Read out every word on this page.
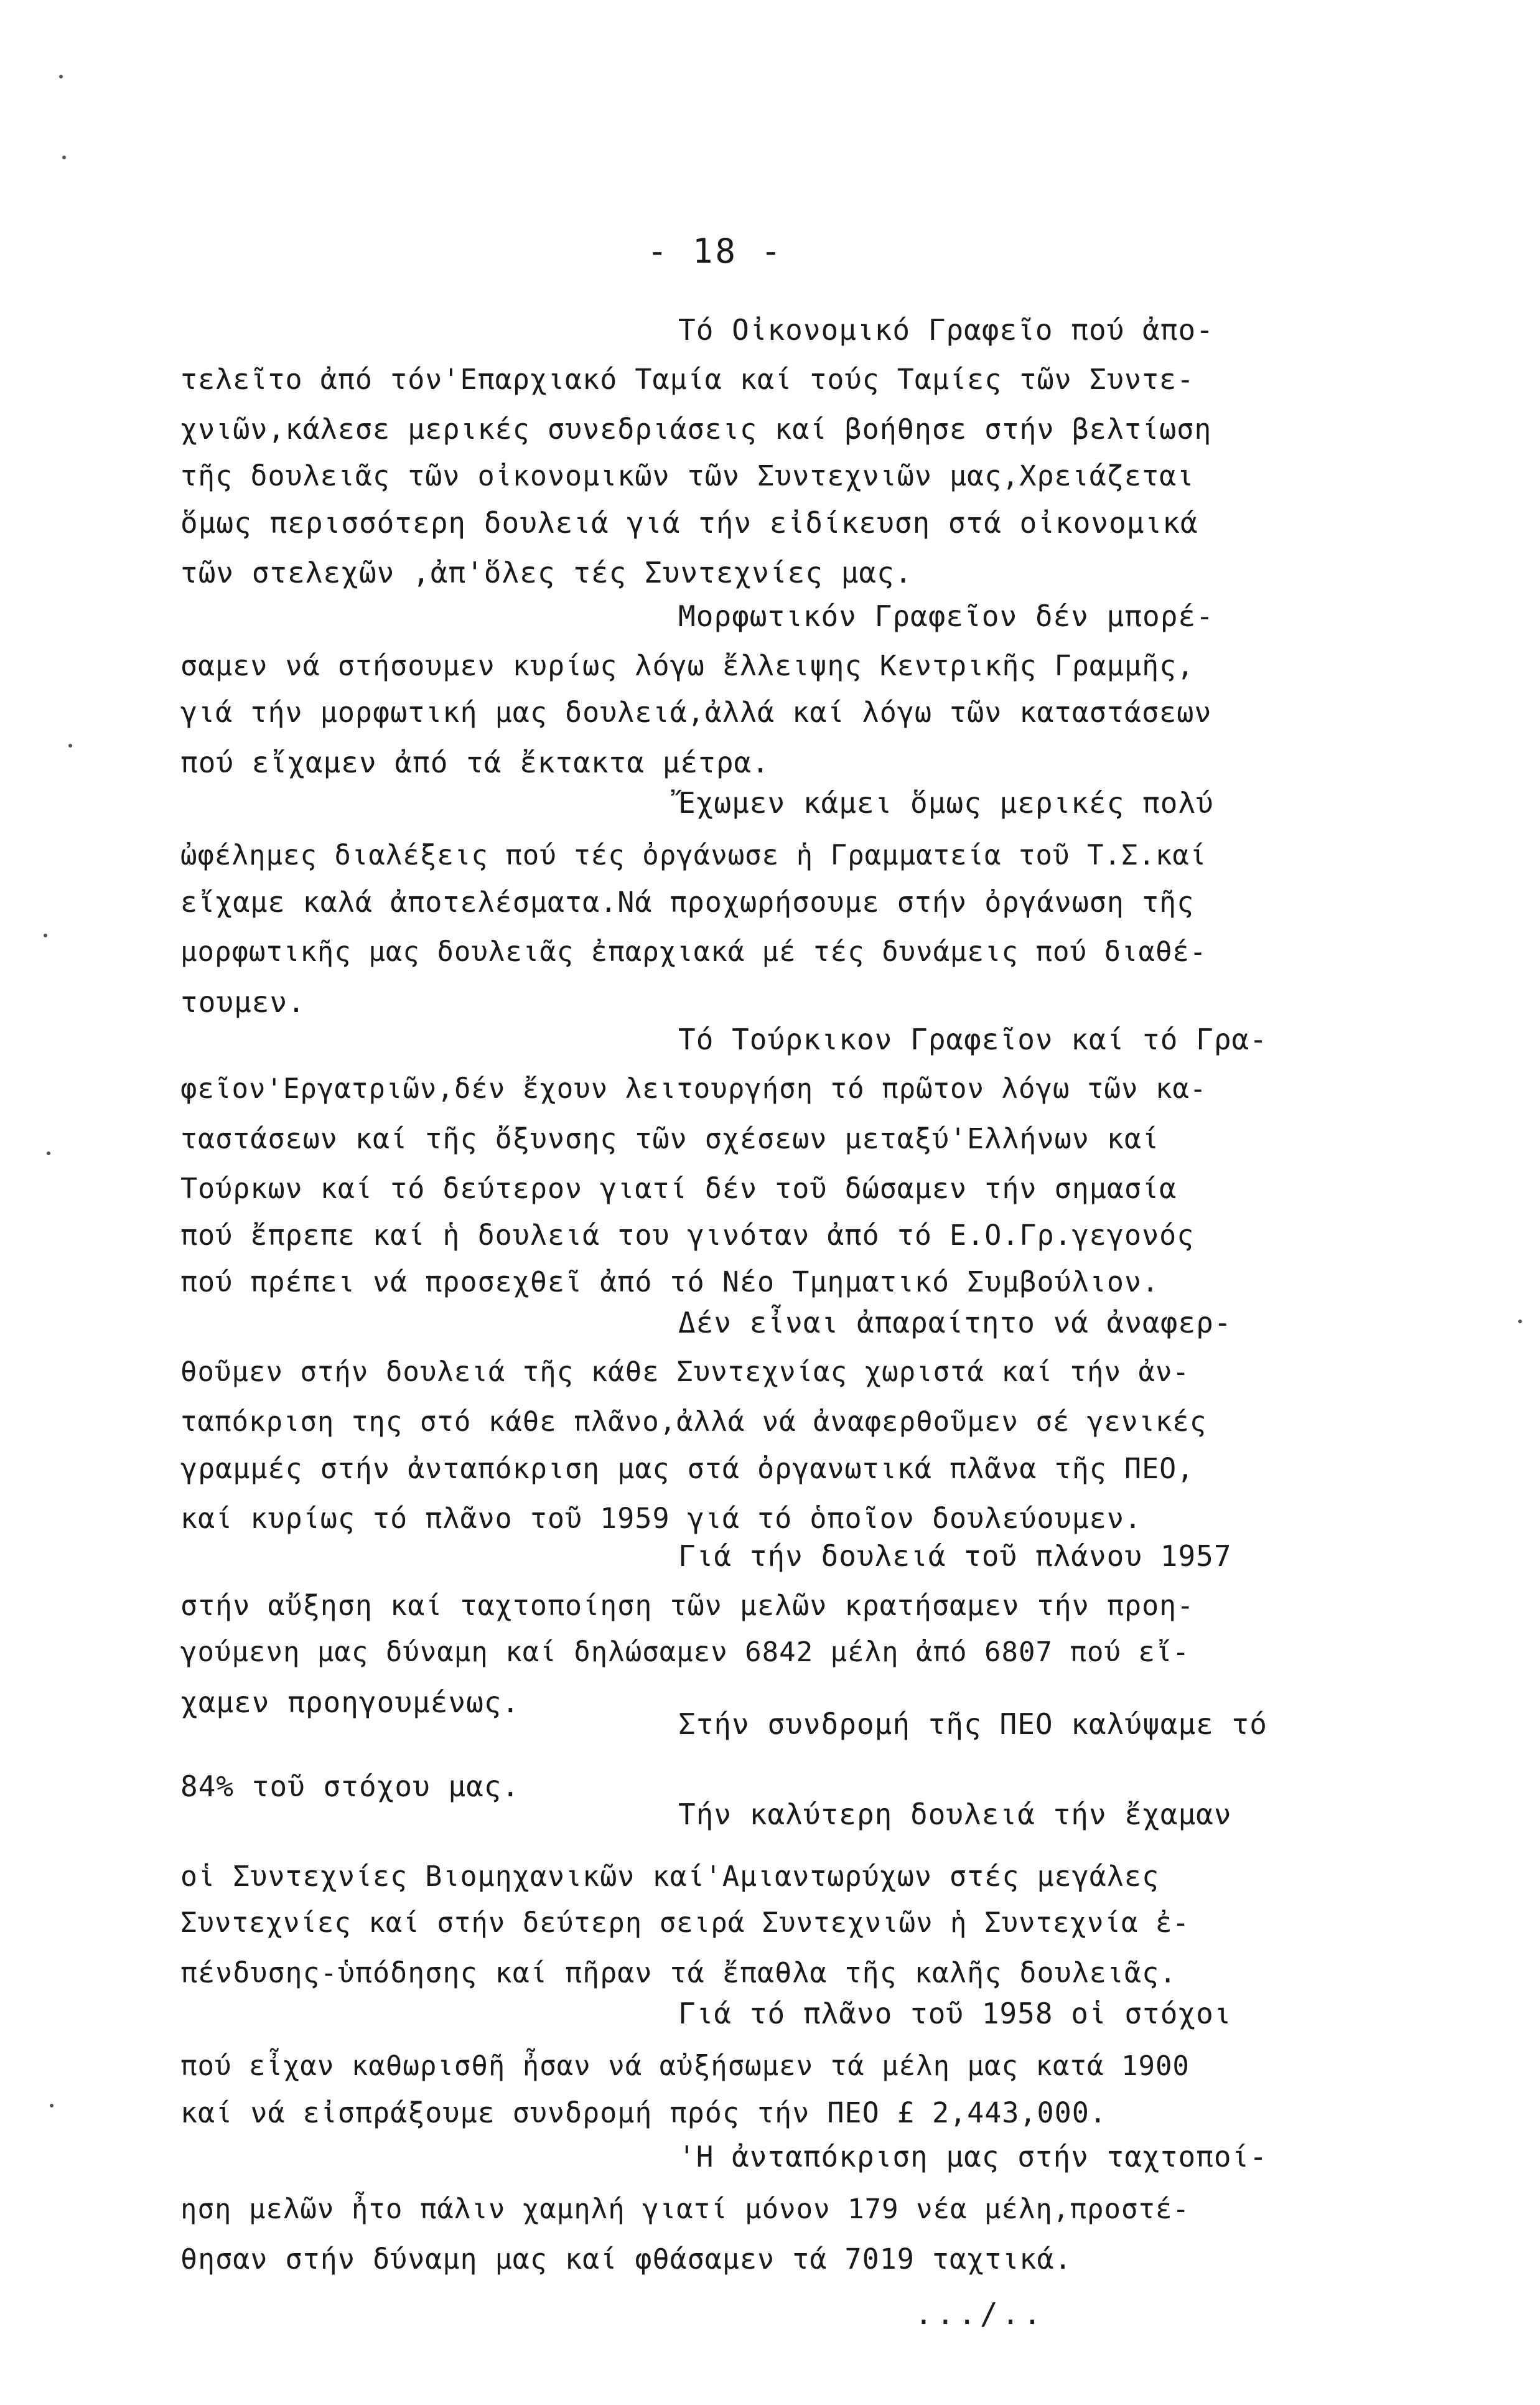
- 18 -
Τό Οἰκονομικό Γραφεῖο πού ἀπο-
τελεῖτο ἀπό τόν'Επαρχιακό Ταμία καί τούς Ταμίες τῶν Συντε-
χνιῶν,κάλεσε μερικές συνεδριάσεις καί βοήθησε στήν βελτίωση
τῆς δουλειᾶς τῶν οἰκονομικῶν τῶν Συντεχνιῶν μας,Χρειάζεται
ὅμως περισσότερη δουλειά γιά τήν εἰδίκευση στά οἰκονομικά
τῶν στελεχῶν ,ἀπ'ὅλες τές Συντεχνίες μας.
Μορφωτικόν Γραφεῖον δέν μπορέ-
σαμεν νά στήσουμεν κυρίως λόγω ἔλλειψης Κεντρικῆς Γραμμῆς,
γιά τήν μορφωτική μας δουλειά,ἀλλά καί λόγω τῶν καταστάσεων
πού εἴχαμεν ἀπό τά ἔκτακτα μέτρα.
Ἔχωμεν κάμει ὅμως μερικές πολύ
ὠφέλημες διαλέξεις πού τές ὀργάνωσε ἡ Γραμματεία τοῦ Τ.Σ.καί
εἴχαμε καλά ἀποτελέσματα.Νά προχωρήσουμε στήν ὀργάνωση τῆς
μορφωτικῆς μας δουλειᾶς ἐπαρχιακά μέ τές δυνάμεις πού διαθέ-
τουμεν.
Τό Τούρκικον Γραφεῖον καί τό Γρα-
φεῖον'Εργατριῶν,δέν ἔχουν λειτουργήση τό πρῶτον λόγω τῶν κα-
ταστάσεων καί τῆς ὄξυνσης τῶν σχέσεων μεταξύ'Ελλήνων καί
Τούρκων καί τό δεύτερον γιατί δέν τοῦ δώσαμεν τήν σημασία
πού ἔπρεπε καί ἡ δουλειά του γινόταν ἀπό τό Ε.Ο.Γρ.γεγονός
πού πρέπει νά προσεχθεῖ ἀπό τό Νέο Τμηματικό Συμβούλιον.
Δέν εἶναι ἀπαραίτητο νά ἀναφερ-
θοῦμεν στήν δουλειά τῆς κάθε Συντεχνίας χωριστά καί τήν ἀν-
ταπόκριση της στό κάθε πλᾶνο,ἀλλά νά ἀναφερθοῦμεν σέ γενικές
γραμμές στήν ἀνταπόκριση μας στά ὀργανωτικά πλᾶνα τῆς ΠΕΟ,
καί κυρίως τό πλᾶνο τοῦ 1959 γιά τό ὁποῖον δουλεύουμεν.
Γιά τήν δουλειά τοῦ πλάνου 1957
στήν αὔξηση καί ταχτοποίηση τῶν μελῶν κρατήσαμεν τήν προη-
γούμενη μας δύναμη καί δηλώσαμεν 6842 μέλη ἀπό 6807 πού εἴ-
χαμεν προηγουμένως.
Στήν συνδρομή τῆς ΠΕΟ καλύψαμε τό
84% τοῦ στόχου μας.
Τήν καλύτερη δουλειά τήν ἔχαμαν
οἱ Συντεχνίες Βιομηχανικῶν καί'Αμιαντωρύχων στές μεγάλες
Συντεχνίες καί στήν δεύτερη σειρά Συντεχνιῶν ἡ Συντεχνία ἐ-
πένδυσης-ὑπόδησης καί πῆραν τά ἔπαθλα τῆς καλῆς δουλειᾶς.
Γιά τό πλᾶνο τοῦ 1958 οἱ στόχοι
πού εἶχαν καθωρισθῆ ἦσαν νά αὐξήσωμεν τά μέλη μας κατά 1900
καί νά εἰσπράξουμε συνδρομή πρός τήν ΠΕΟ £ 2,443,000.
'Η ἀνταπόκριση μας στήν ταχτοποί-
ηση μελῶν ἦτο πάλιν χαμηλή γιατί μόνον 179 νέα μέλη,προστέ-
θησαν στήν δύναμη μας καί φθάσαμεν τά 7019 ταχτικά.
.../..
